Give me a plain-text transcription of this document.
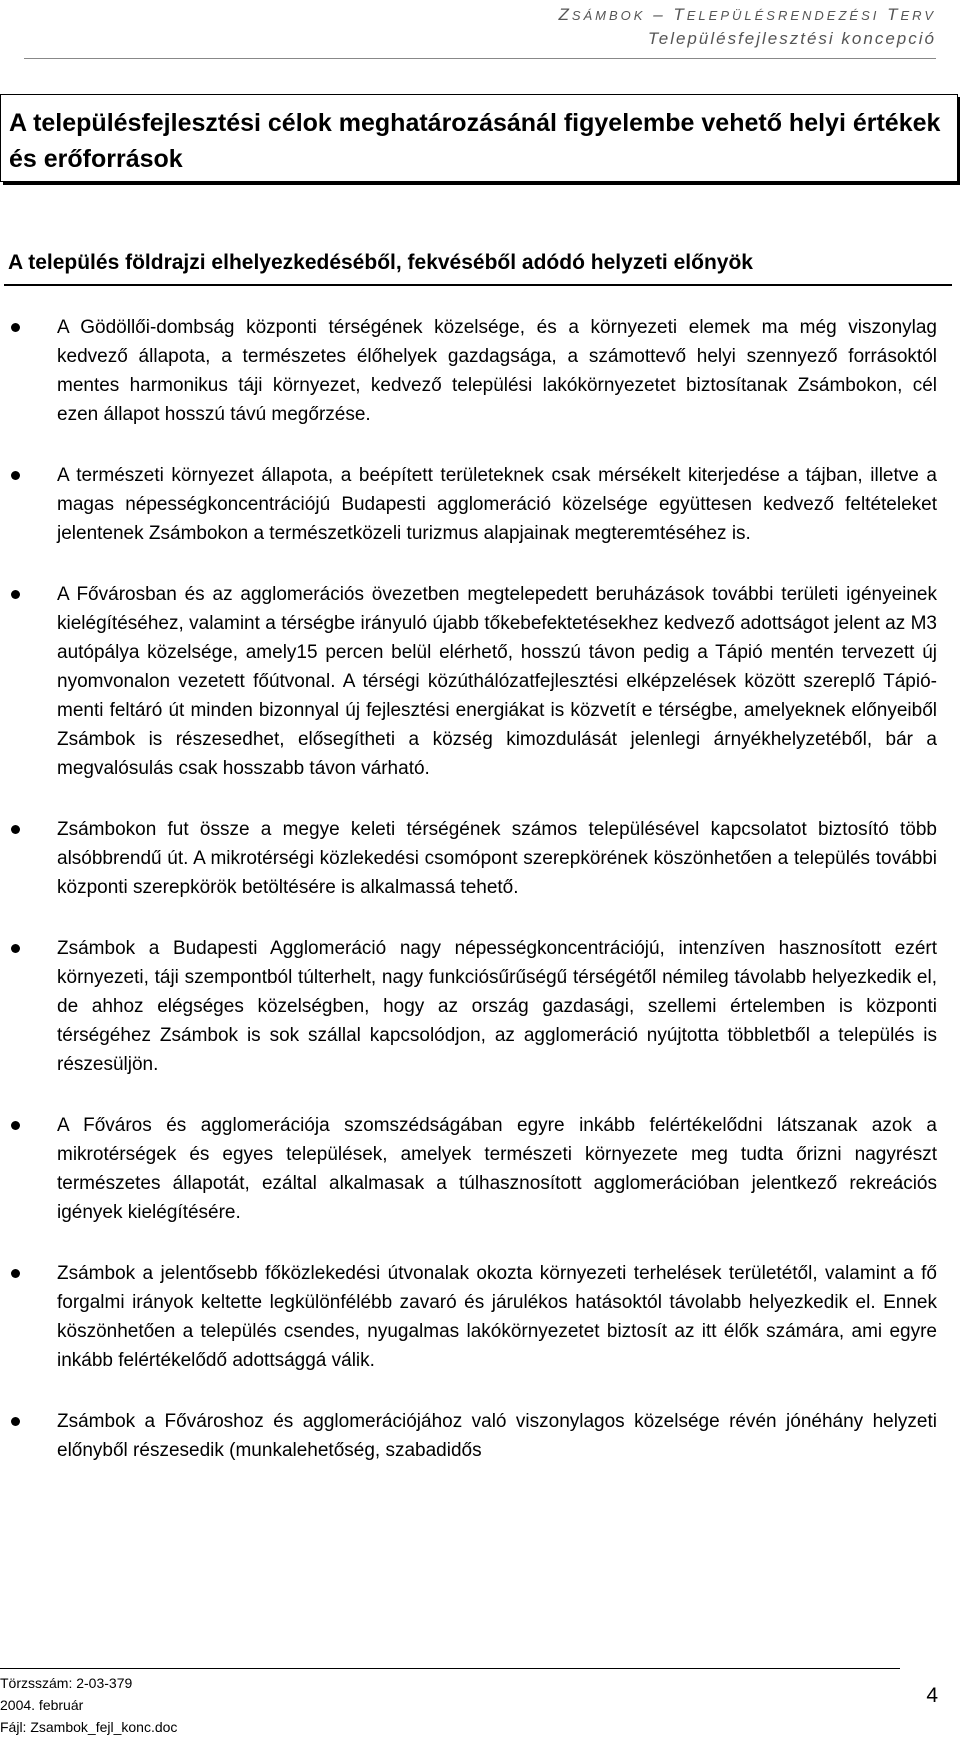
ZSÁMBOK – TELEPÜLÉSRENDEZÉSI TERV
Településfejlesztési koncepció
A településfejlesztési célok meghatározásánál figyelembe vehető helyi értékek és erőforrások
A település földrajzi elhelyezkedéséből, fekvéséből adódó helyzeti előnyök
A Gödöllői-dombság központi térségének közelsége, és a környezeti elemek ma még viszonylag kedvező állapota, a természetes élőhelyek gazdagsága, a számottevő helyi szennyező forrásoktól mentes harmonikus táji környezet, kedvező települési lakókörnyezetet biztosítanak Zsámbokon, cél ezen állapot hosszú távú megőrzése.
A természeti környezet állapota, a beépített területeknek csak mérsékelt kiterjedése a tájban, illetve a magas népességkoncentrációjú Budapesti agglomeráció közelsége együttesen kedvező feltételeket jelentenek Zsámbokon a természetközeli turizmus alapjainak megteremtéséhez is.
A Fővárosban és az agglomerációs övezetben megtelepedett beruházások további területi igényeinek kielégítéséhez, valamint a térségbe irányuló újabb tőkebefektetésekhez kedvező adottságot jelent az M3 autópálya közelsége, amely15 percen belül elérhető, hosszú távon pedig a Tápió mentén tervezett új nyomvonalon vezetett főútvonal. A térségi közúthálózatfejlesztési elképzelések között szereplő Tápió-menti feltáró út minden bizonnyal új fejlesztési energiákat is közvetít e térségbe, amelyeknek előnyeiből Zsámbok is részesedhet, elősegítheti a község kimozdulását jelenlegi árnyékhelyzetéből, bár a megvalósulás csak hosszabb távon várható.
Zsámbokon fut össze a megye keleti térségének számos településével kapcsolatot biztosító több alsóbbrendű út. A mikrotérségi közlekedési csomópont szerepkörének köszönhetően a település további központi szerepkörök betöltésére is alkalmassá tehető.
Zsámbok a Budapesti Agglomeráció nagy népességkoncentrációjú, intenzíven hasznosított ezért környezeti, táji szempontból túlterhelt, nagy funkciósűrűségű térségétől némileg távolabb helyezkedik el, de ahhoz elégséges közelségben, hogy az ország gazdasági, szellemi értelemben is központi térségéhez Zsámbok is sok szállal kapcsolódjon, az agglomeráció nyújtotta többletből a település is részesüljön.
A Főváros és agglomerációja szomszédságában egyre inkább felértékelődni látszanak azok a mikrotérségek és egyes települések, amelyek természeti környezete meg tudta őrizni nagyrészt természetes állapotát, ezáltal alkalmasak a túlhasznosított agglomerációban jelentkező rekreációs igények kielégítésére.
Zsámbok a jelentősebb főközlekedési útvonalak okozta környezeti terhelések területétől, valamint a fő forgalmi irányok keltette legkülönfélébb zavaró és járulékos hatásoktól távolabb helyezkedik el. Ennek köszönhetően a település csendes, nyugalmas lakókörnyezetet biztosít az itt élők számára, ami egyre inkább felértékelődő adottsággá válik.
Zsámbok a Fővároshoz és agglomerációjához való viszonylagos közelsége révén jónéhány helyzeti előnyből részesedik (munkalehetőség, szabadidős
Törzsszám: 2-03-379
2004. február
Fájl: Zsambok_fejl_konc.doc
4
